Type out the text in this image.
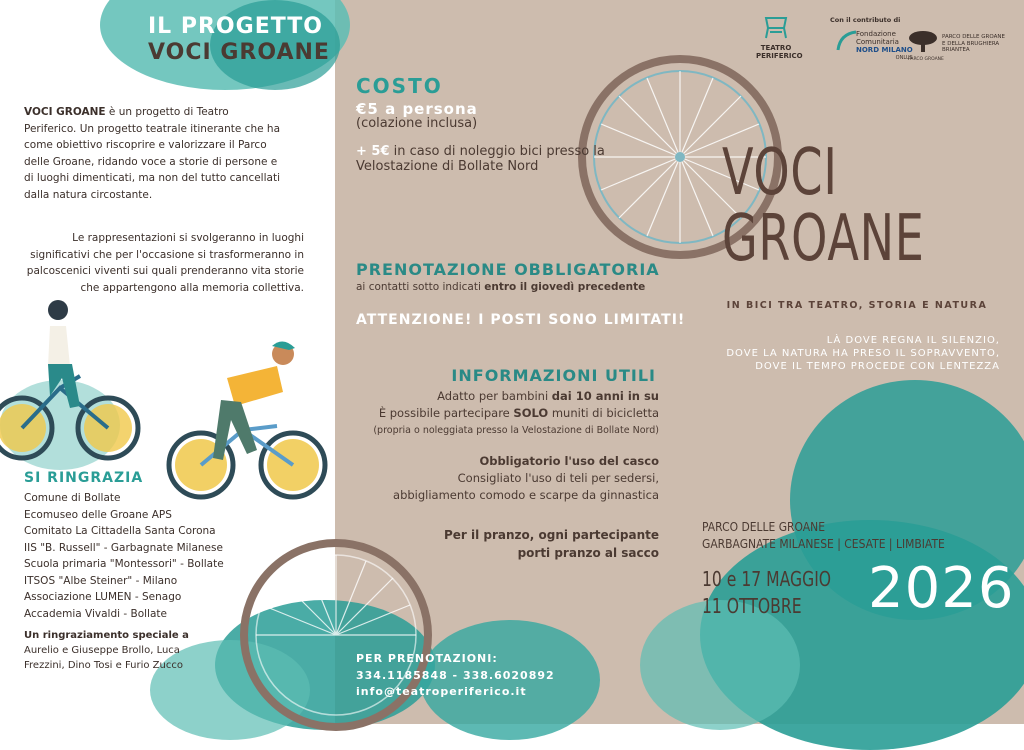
IL PROGETTO
VOCI GROANE
VOCI GROANE è un progetto di Teatro Periferico. Un progetto teatrale itinerante che ha come obiettivo riscoprire e valorizzare il Parco delle Groane, ridando voce a storie di persone e di luoghi dimenticati, ma non del tutto cancellati dalla natura circostante.
Le rappresentazioni si svolgeranno in luoghi significativi che per l'occasione si trasformeranno in palcoscenici viventi sui quali prenderanno vita storie che appartengono alla memoria collettiva.
SI RINGRAZIA
Comune di Bollate
Ecomuseo delle Groane APS
Comitato La Cittadella Santa Corona
IIS "B. Russell" - Garbagnate Milanese
Scuola primaria "Montessori" - Bollate
ITSOS "Albe Steiner" - Milano
Associazione LUMEN - Senago
Accademia Vivaldi - Bollate
Un ringraziamento speciale a
Aurelio e Giuseppe Brollo, Luca Frezzini, Dino Tosi e Furio Zucco
COSTO
€5 a persona
(colazione inclusa)
+ 5€ in caso di noleggio bici presso la Velostazione di Bollate Nord
PRENOTAZIONE OBBLIGATORIA
ai contatti sotto indicati entro il giovedì precedente
ATTENZIONE! I POSTI SONO LIMITATI!
INFORMAZIONI UTILI
Adatto per bambini dai 10 anni in su
È possibile partecipare SOLO muniti di bicicletta
(propria o noleggiata presso la Velostazione di Bollate Nord)
Obbligatorio l'uso del casco
Consigliato l'uso di teli per sedersi,
abbigliamento comodo e scarpe da ginnastica
Per il pranzo, ogni partecipante
porti pranzo al sacco
PER PRENOTAZIONI:
334.1185848 - 338.6020892
info@teatroperiferico.it
Con il contributo di
TEATRO
PERIFERICO
Fondazione
Comunitaria
NORD MILANO
ONLUS
PARCO GROANE
PARCO DELLE GROANE
E DELLA BRUGHIERA
BRIANTEA
VOCI
GROANE
IN BICI TRA TEATRO, STORIA E NATURA
LÀ DOVE REGNA IL SILENZIO,
DOVE LA NATURA HA PRESO IL SOPRAVVENTO,
DOVE IL TEMPO PROCEDE CON LENTEZZA
PARCO DELLE GROANE
GARBAGNATE MILANESE | CESATE | LIMBIATE
10 e 17 MAGGIO
11 OTTOBRE	2026
